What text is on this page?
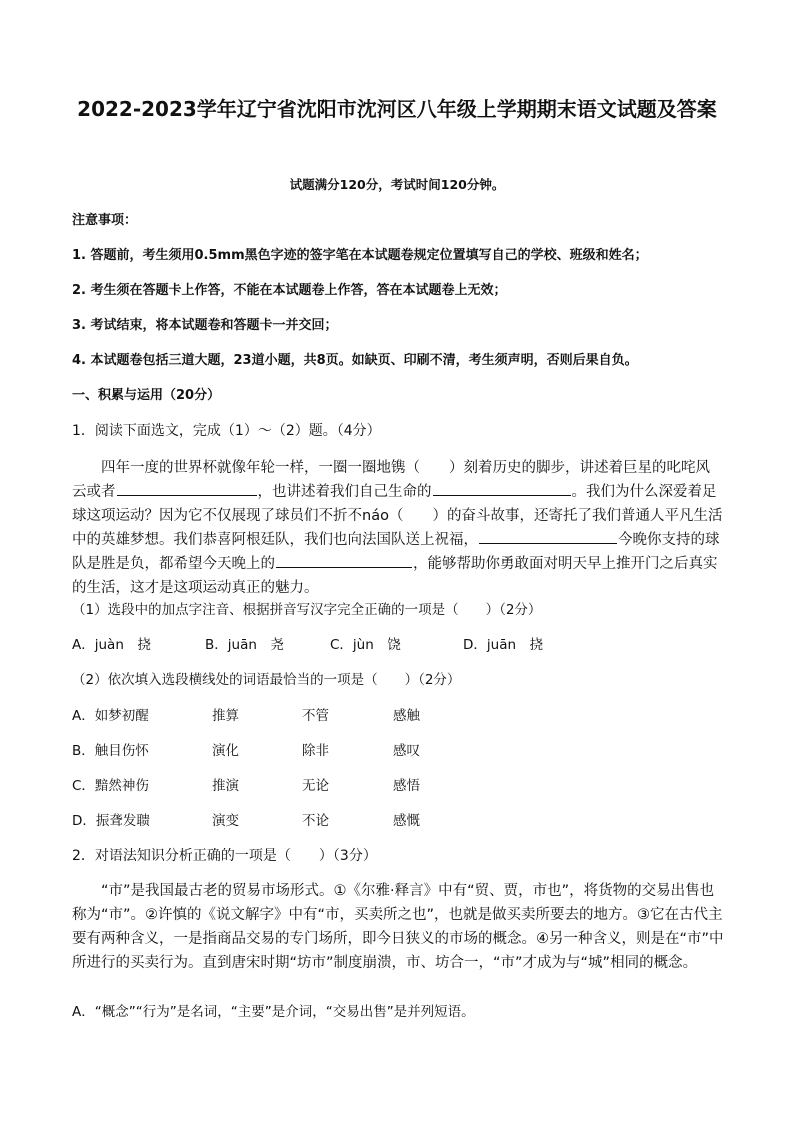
2022-2023学年辽宁省沈阳市沈河区八年级上学期期末语文试题及答案
试题满分120分，考试时间120分钟。
注意事项：
1. 答题前，考生须用0.5mm黑色字迹的签字笔在本试题卷规定位置填写自己的学校、班级和姓名；
2. 考生须在答题卡上作答，不能在本试题卷上作答，答在本试题卷上无效；
3. 考试结束，将本试题卷和答题卡一并交回；
4. 本试题卷包括三道大题，23道小题，共8页。如缺页、印刷不清，考生须声明，否则后果自负。
一、积累与运用（20分）
1．阅读下面选文，完成（1）～（2）题。（4分）

四年一度的世界杯就像年轮一样，一圈一圈地镌（　　）刻着历史的脚步，讲述着巨星的叱咤风云或者	，也讲述着我们自己生命的	。我们为什么深爱着足球这项运动？因为它不仅展现了球员们不折不náo（　　）的奋斗故事，还寄托了我们普通人平凡生活中的英雄梦想。我们恭喜阿根廷队，我们也向法国队送上祝福，	今晚你支持的球队是胜是负，都希望今天晚上的	，能够帮助你勇敢面对明天早上推开门之后真实的生活，这才是这项运动真正的魅力。

（1）选段中的加点字注音、根据拼音写汉字完全正确的一项是（　　）（2分）
A．juàn　挠	B．juān　尧	C．jùn　饶	D．juān　挠
（2）依次填入选段横线处的词语最恰当的一项是（　　）（2分）
A．如梦初醒	推算	不管	感触
B．触目伤怀	演化	除非	感叹
C．黯然神伤	推演	无论	感悟
D．振聋发聩	演变	不论	感慨
2．对语法知识分析正确的一项是（　　）（3分）

“市”是我国最古老的贸易市场形式。①《尔雅·释言》中有“贸、贾，市也”，将货物的交易出售也称为“市”。②许慎的《说文解字》中有“市，买卖所之也”，也就是做买卖所要去的地方。③它在古代主要有两种含义，一是指商品交易的专门场所，即今日狭义的市场的概念。④另一种含义，则是在“市”中所进行的买卖行为。直到唐宋时期“坊市”制度崩溃，市、坊合一，“市”才成为与“城”相同的概念。

A．“概念”“行为”是名词，“主要”是介词，“交易出售”是并列短语。
